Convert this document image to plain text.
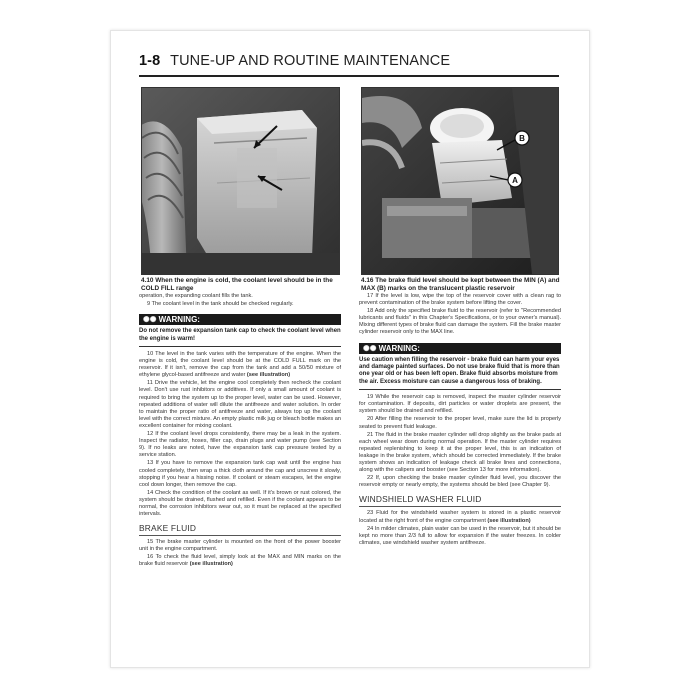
1-8 TUNE-UP AND ROUTINE MAINTENANCE
4.10 When the engine is cold, the coolant level should be in the COLD FILL range
B
A
4.16 The brake fluid level should be kept between the MIN (A) and MAX (B) marks on the translucent plastic reservoir

operation, the expanding coolant fills the tank.

9 The coolant level in the tank should be checked regularly.

✺✺ WARNING:
Do not remove the expansion tank cap to check the coolant level when the engine is warm!

10 The level in the tank varies with the temperature of the engine. When the engine is cold, the coolant level should be at the COLD FULL mark on the reservoir. If it isn't, remove the cap from the tank and add a 50/50 mixture of ethylene glycol-based antifreeze and water (see illustration)

11 Drive the vehicle, let the engine cool completely then recheck the coolant level. Don't use rust inhibitors or additives. If only a small amount of coolant is required to bring the system up to the proper level, water can be used. However, repeated additions of water will dilute the antifreeze and water solution. In order to maintain the proper ratio of antifreeze and water, always top up the coolant level with the correct mixture. An empty plastic milk jug or bleach bottle makes an excellent container for mixing coolant.

12 If the coolant level drops consistently, there may be a leak in the system. Inspect the radiator, hoses, filler cap, drain plugs and water pump (see Section 9). If no leaks are noted, have the expansion tank cap pressure tested by a service station.

13 If you have to remove the expansion tank cap wait until the engine has cooled completely, then wrap a thick cloth around the cap and unscrew it slowly, stopping if you hear a hissing noise. If coolant or steam escapes, let the engine cool down longer, then remove the cap.

14 Check the condition of the coolant as well. If it's brown or rust colored, the system should be drained, flushed and refilled. Even if the coolant appears to be normal, the corrosion inhibitors wear out, so it must be replaced at the specified intervals.

BRAKE FLUID

15 The brake master cylinder is mounted on the front of the power booster unit in the engine compartment.

16 To check the fluid level, simply look at the MAX and MIN marks on the brake fluid reservoir (see illustration)

17 If the level is low, wipe the top of the reservoir cover with a clean rag to prevent contamination of the brake system before lifting the cover.

18 Add only the specified brake fluid to the reservoir (refer to "Recommended lubricants and fluids" in this Chapter's Specifications, or to your owner's manual). Mixing different types of brake fluid can damage the system. Fill the brake master cylinder reservoir only to the MAX line.

✺✺ WARNING:
Use caution when filling the reservoir - brake fluid can harm your eyes and damage painted surfaces. Do not use brake fluid that is more than one year old or has been left open. Brake fluid absorbs moisture from the air. Excess moisture can cause a dangerous loss of braking.

19 While the reservoir cap is removed, inspect the master cylinder reservoir for contamination. If deposits, dirt particles or water droplets are present, the system should be drained and refilled.

20 After filling the reservoir to the proper level, make sure the lid is properly seated to prevent fluid leakage.

21 The fluid in the brake master cylinder will drop slightly as the brake pads at each wheel wear down during normal operation. If the master cylinder requires repeated replenishing to keep it at the proper level, this is an indication of leakage in the brake system, which should be corrected immediately. If the brake system shows an indication of leakage check all brake lines and connections, along with the calipers and booster (see Section 13 for more information).

22 If, upon checking the brake master cylinder fluid level, you discover the reservoir empty or nearly empty, the systems should be bled (see Chapter 9).

WINDSHIELD WASHER FLUID

23 Fluid for the windshield washer system is stored in a plastic reservoir located at the right front of the engine compartment (see illustration)

24 In milder climates, plain water can be used in the reservoir, but it should be kept no more than 2/3 full to allow for expansion if the water freezes. In colder climates, use windshield washer system antifreeze.
